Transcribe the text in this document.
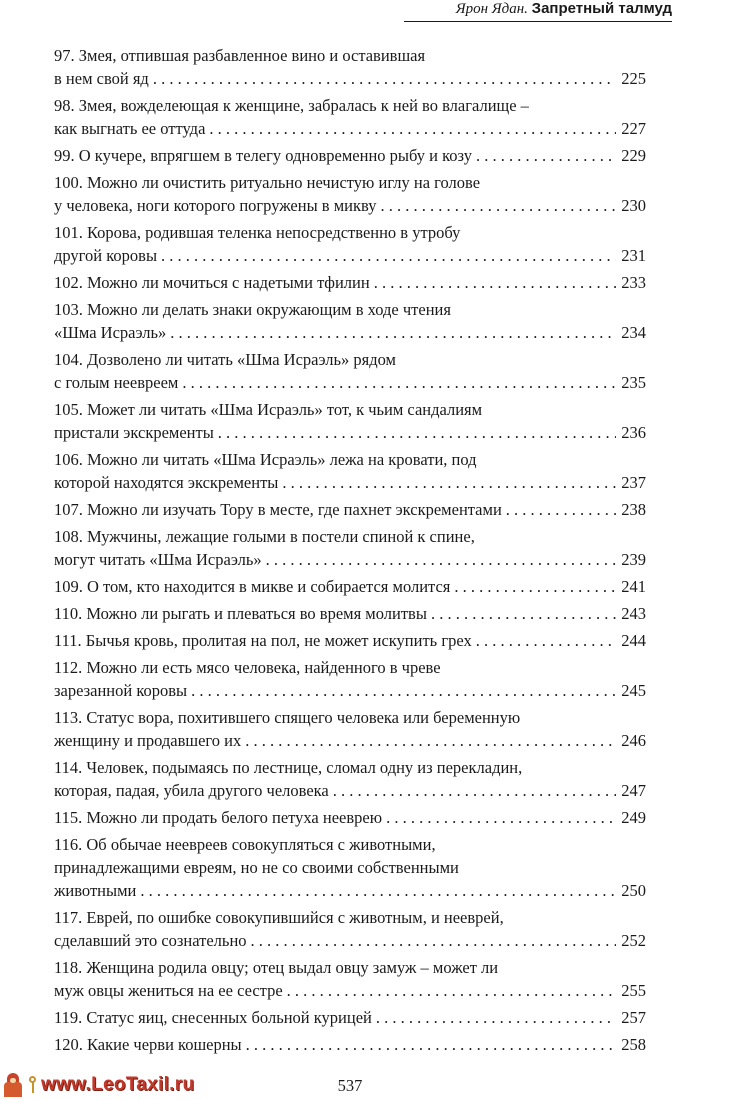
Ярон Ядан. Запретный талмуд
97. Змея, отпившая разбавленное вино и оставившая
в нем свой яд . . .	225
98. Змея, вожделеющая к женщине, забралась к ней во влагалище –
как выгнать ее оттуда . . .	227
99. О кучере, впрягшем в телегу одновременно рыбу и козу . . .	229
100. Можно ли очистить ритуально нечистую иглу на голове
у человека, ноги которого погружены в микву . . .	230
101. Корова, родившая теленка непосредственно в утробу
другой коровы . . .	231
102. Можно ли мочиться с надетыми тфилин . . .	233
103. Можно ли делать знаки окружающим в ходе чтения
«Шма Исраэль» . . .	234
104. Дозволено ли читать «Шма Исраэль» рядом
с голым неевреем . . .	235
105. Может ли читать «Шма Исраэль» тот, к чьим сандалиям
пристали экскременты . . .	236
106. Можно ли читать «Шма Исраэль» лежа на кровати, под
которой находятся экскременты . . .	237
107. Можно ли изучать Тору в месте, где пахнет экскрементами . . .	238
108. Мужчины, лежащие голыми в постели спиной к спине,
могут читать «Шма Исраэль» . . .	239
109. О том, кто находится в микве и собирается молится . . .	241
110. Можно ли рыгать и плеваться во время молитвы . . .	243
111. Бычья кровь, пролитая на пол, не может искупить грех . . .	244
112. Можно ли есть мясо человека, найденного в чреве
зарезанной коровы . . .	245
113. Статус вора, похитившего спящего человека или беременную
женщину и продавшего их . . .	246
114. Человек, подымаясь по лестнице, сломал одну из перекладин,
которая, падая, убила другого человека . . .	247
115. Можно ли продать белого петуха нееврею . . .	249
116. Об обычае неевреев совокупляться с животными,
принадлежащими евреям, но не со своими собственными
животными . . .	250
117. Еврей, по ошибке совокупившийся с животным, и нееврей,
сделавший это сознательно . . .	252
118. Женщина родила овцу; отец выдал овцу замуж – может ли
муж овцы жениться на ее сестре . . .	255
119. Статус яиц, снесенных больной курицей . . .	257
120. Какие черви кошерны . . .	258
www.LeoTaxil.ru	537
